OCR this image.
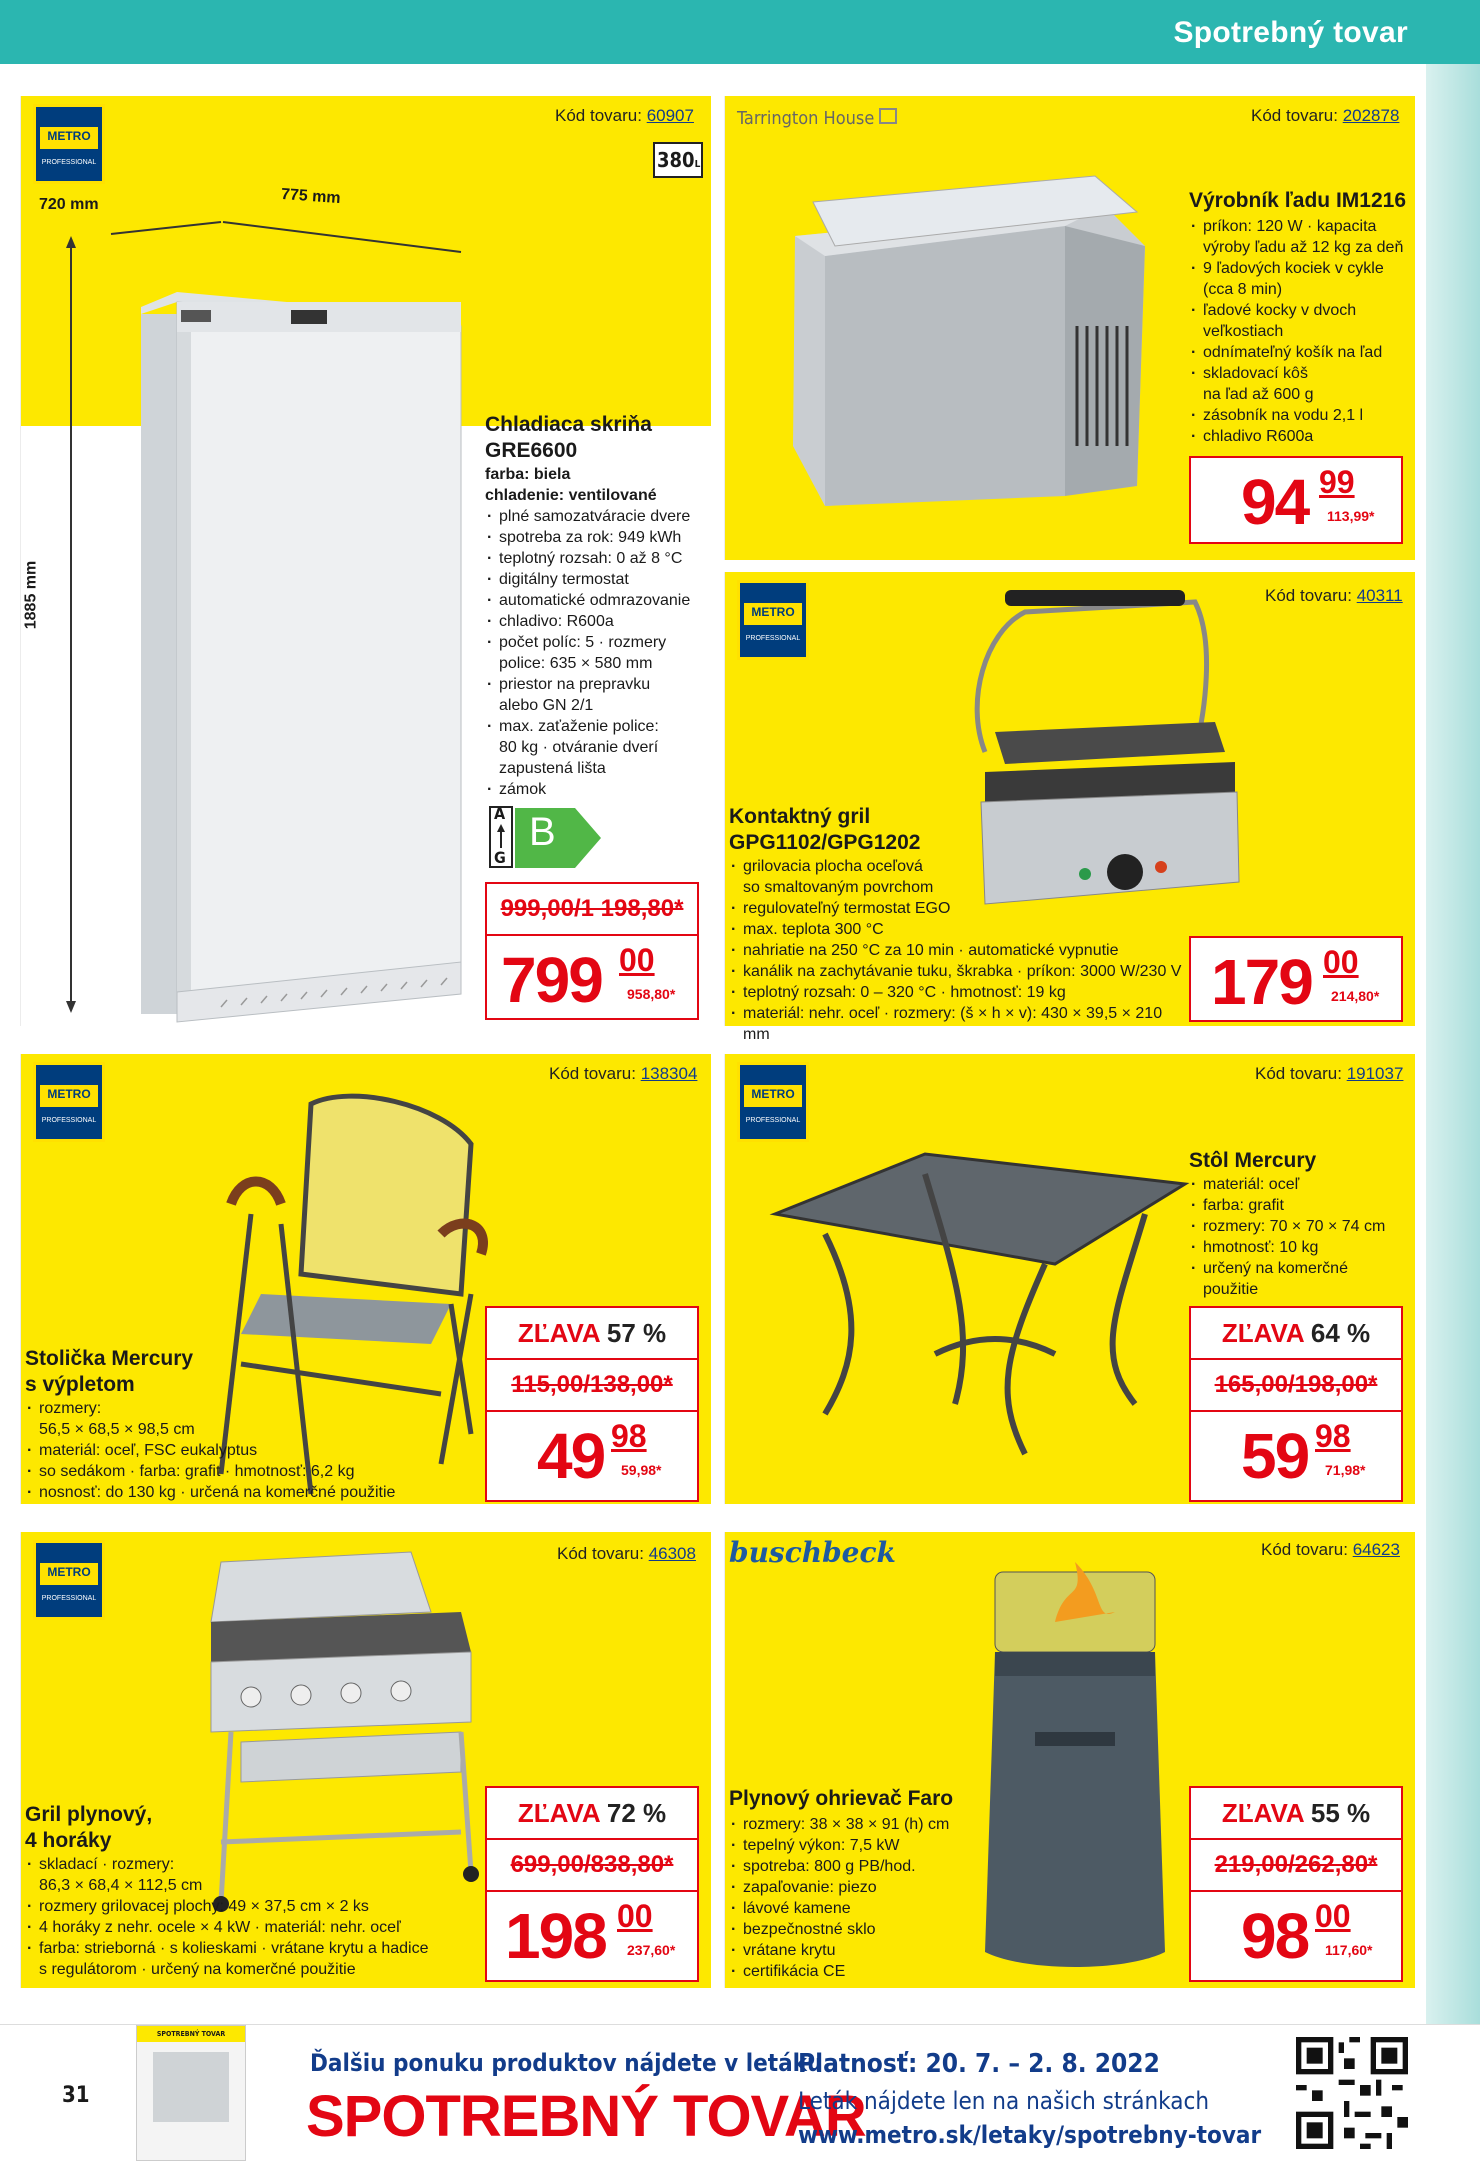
Spotrebný tovar
METRO
PROFESSIONAL
Kód tovaru: 60907
380L
720 mm	775 mm
1885 mm
Chladiaca skriňa
GRE6600
farba: biela
chladenie: ventilované
· plné samozatváracie dvere
· spotreba za rok: 949 kWh
· teplotný rozsah: 0 až 8 °C
· digitálny termostat
· automatické odmrazovanie
· chladivo: R600a
· počet políc: 5 · rozmery
police: 635 × 580 mm
· priestor na prepravku
alebo GN 2/1
· max. zaťaženie police:
80 kg · otváranie dverí
zapustená lišta
· zámok
A
G
B
999,00/1 198,80*
799 00
958,80*
Tarrington House	Kód tovaru: 202878
Výrobník ľadu IM1216
· príkon: 120 W · kapacita
výroby ľadu až 12 kg za deň
· 9 ľadových kociek v cykle
(cca 8 min)
· ľadové kocky v dvoch
veľkostiach
· odnímateľný košík na ľad
· skladovací kôš
na ľad až 600 g
· zásobník na vodu 2,1 l
· chladivo R600a
94 99
113,99*
METRO
PROFESSIONAL
Kód tovaru: 40311
Kontaktný gril
GPG1102/GPG1202
· grilovacia plocha oceľová
so smaltovaným povrchom
· regulovateľný termostat EGO
· max. teplota 300 °C
· nahriatie na 250 °C za 10 min · automatické vypnutie
· kanálik na zachytávanie tuku, škrabka · príkon: 3000 W/230 V
· teplotný rozsah: 0 – 320 °C · hmotnosť: 19 kg
· materiál: nehr. oceľ · rozmery: (š × h × v): 430 × 39,5 × 210 mm
179 00
214,80*
METRO
PROFESSIONAL
Kód tovaru: 138304
Stolička Mercury
s výpletom
· rozmery:
56,5 × 68,5 × 98,5 cm
· materiál: oceľ, FSC eukalyptus
· so sedákom · farba: grafit · hmotnosť: 6,2 kg
· nosnosť: do 130 kg · určená na komerčné použitie
ZĽAVA 57 %
115,00/138,00*
49 98
59,98*
METRO
PROFESSIONAL
Kód tovaru: 191037
Stôl Mercury
· materiál: oceľ
· farba: grafit
· rozmery: 70 × 70 × 74 cm
· hmotnosť: 10 kg
· určený na komerčné
použitie
ZĽAVA 64 %
165,00/198,00*
59 98
71,98*
METRO
PROFESSIONAL
Kód tovaru: 46308
Gril plynový,
4 horáky
· skladací · rozmery:
86,3 × 68,4 × 112,5 cm
· rozmery grilovacej plochy: 49 × 37,5 cm × 2 ks
· 4 horáky z nehr. ocele × 4 kW · materiál: nehr. oceľ
· farba: strieborná · s kolieskami · vrátane krytu a hadice
s regulátorom · určený na komerčné použitie
ZĽAVA 72 %
699,00/838,80*
198 00
237,60*
buschbeck	Kód tovaru: 64623
Plynový ohrievač Faro
· rozmery: 38 × 38 × 91 (h) cm
· tepelný výkon: 7,5 kW
· spotreba: 800 g PB/hod.
· zapaľovanie: piezo
· lávové kamene
· bezpečnostné sklo
· vrátane krytu
· certifikácia CE
ZĽAVA 55 %
219,00/262,80*
98 00
117,60*
31
SPOTREBNÝ TOVAR
Ďalšiu ponuku produktov nájdete v letáku
SPOTREBNÝ TOVAR
Platnosť: 20. 7. – 2. 8. 2022
Leták nájdete len na našich stránkach
www.metro.sk/letaky/spotrebny-tovar
